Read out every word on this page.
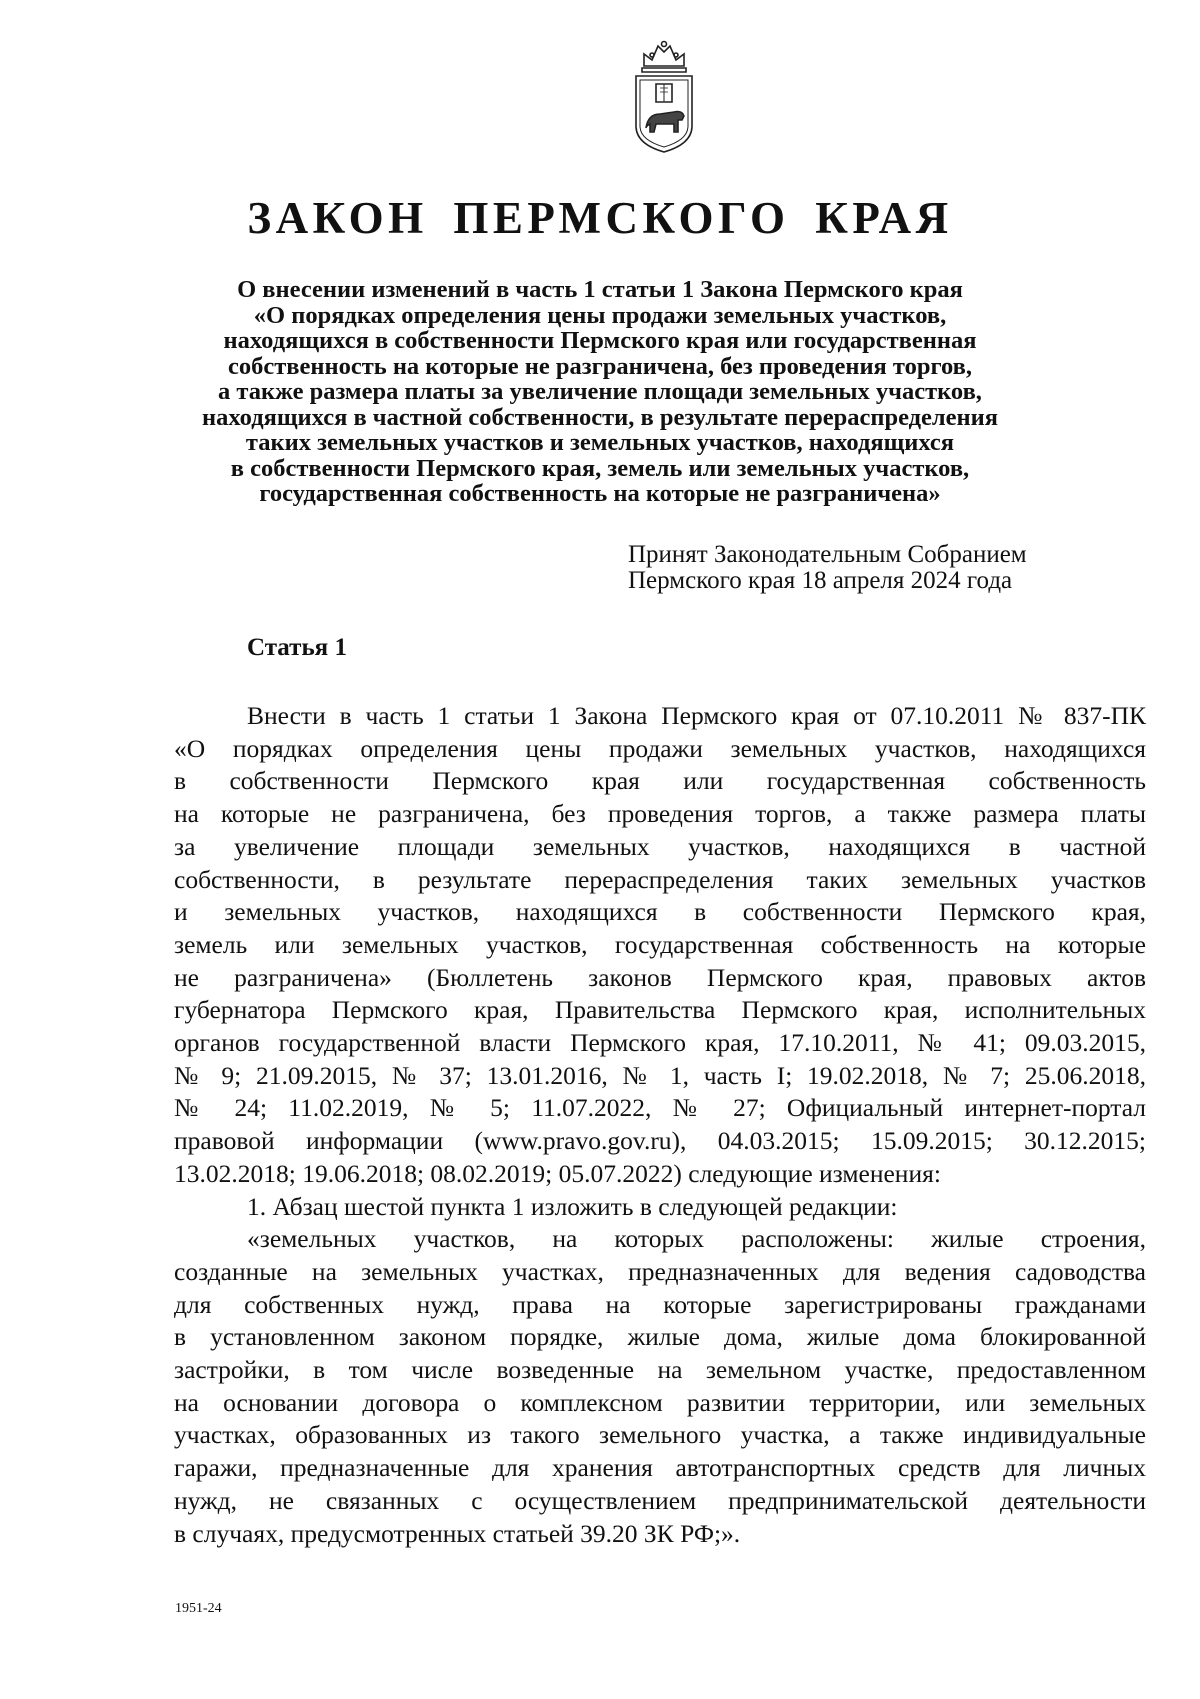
ЗАКОН ПЕРМСКОГО КРАЯ
О внесении изменений в часть 1 статьи 1 Закона Пермского края
«О порядках определения цены продажи земельных участков,
находящихся в собственности Пермского края или государственная
собственность на которые не разграничена, без проведения торгов,
а также размера платы за увеличение площади земельных участков,
находящихся в частной собственности, в результате перераспределения
таких земельных участков и земельных участков, находящихся
в собственности Пермского края, земель или земельных участков,
государственная собственность на которые не разграничена»
Принят Законодательным Собранием
Пермского края 18 апреля 2024 года
Статья 1
Внести в часть 1 статьи 1 Закона Пермского края от 07.10.2011 № 837-ПК
«О порядках определения цены продажи земельных участков, находящихся
в собственности Пермского края или государственная собственность
на которые не разграничена, без проведения торгов, а также размера платы
за увеличение площади земельных участков, находящихся в частной
собственности, в результате перераспределения таких земельных участков
и земельных участков, находящихся в собственности Пермского края,
земель или земельных участков, государственная собственность на которые
не разграничена» (Бюллетень законов Пермского края, правовых актов
губернатора Пермского края, Правительства Пермского края, исполнительных
органов государственной власти Пермского края, 17.10.2011, № 41; 09.03.2015,
№ 9; 21.09.2015, № 37; 13.01.2016, № 1, часть I; 19.02.2018, № 7; 25.06.2018,
№ 24; 11.02.2019, № 5; 11.07.2022, № 27; Официальный интернет-портал
правовой информации (www.pravo.gov.ru), 04.03.2015; 15.09.2015; 30.12.2015;
13.02.2018; 19.06.2018; 08.02.2019; 05.07.2022) следующие изменения:
1. Абзац шестой пункта 1 изложить в следующей редакции:
«земельных участков, на которых расположены: жилые строения,
созданные на земельных участках, предназначенных для ведения садоводства
для собственных нужд, права на которые зарегистрированы гражданами
в установленном законом порядке, жилые дома, жилые дома блокированной
застройки, в том числе возведенные на земельном участке, предоставленном
на основании договора о комплексном развитии территории, или земельных
участках, образованных из такого земельного участка, а также индивидуальные
гаражи, предназначенные для хранения автотранспортных средств для личных
нужд, не связанных с осуществлением предпринимательской деятельности
в случаях, предусмотренных статьей 39.20 ЗК РФ;».
1951-24
